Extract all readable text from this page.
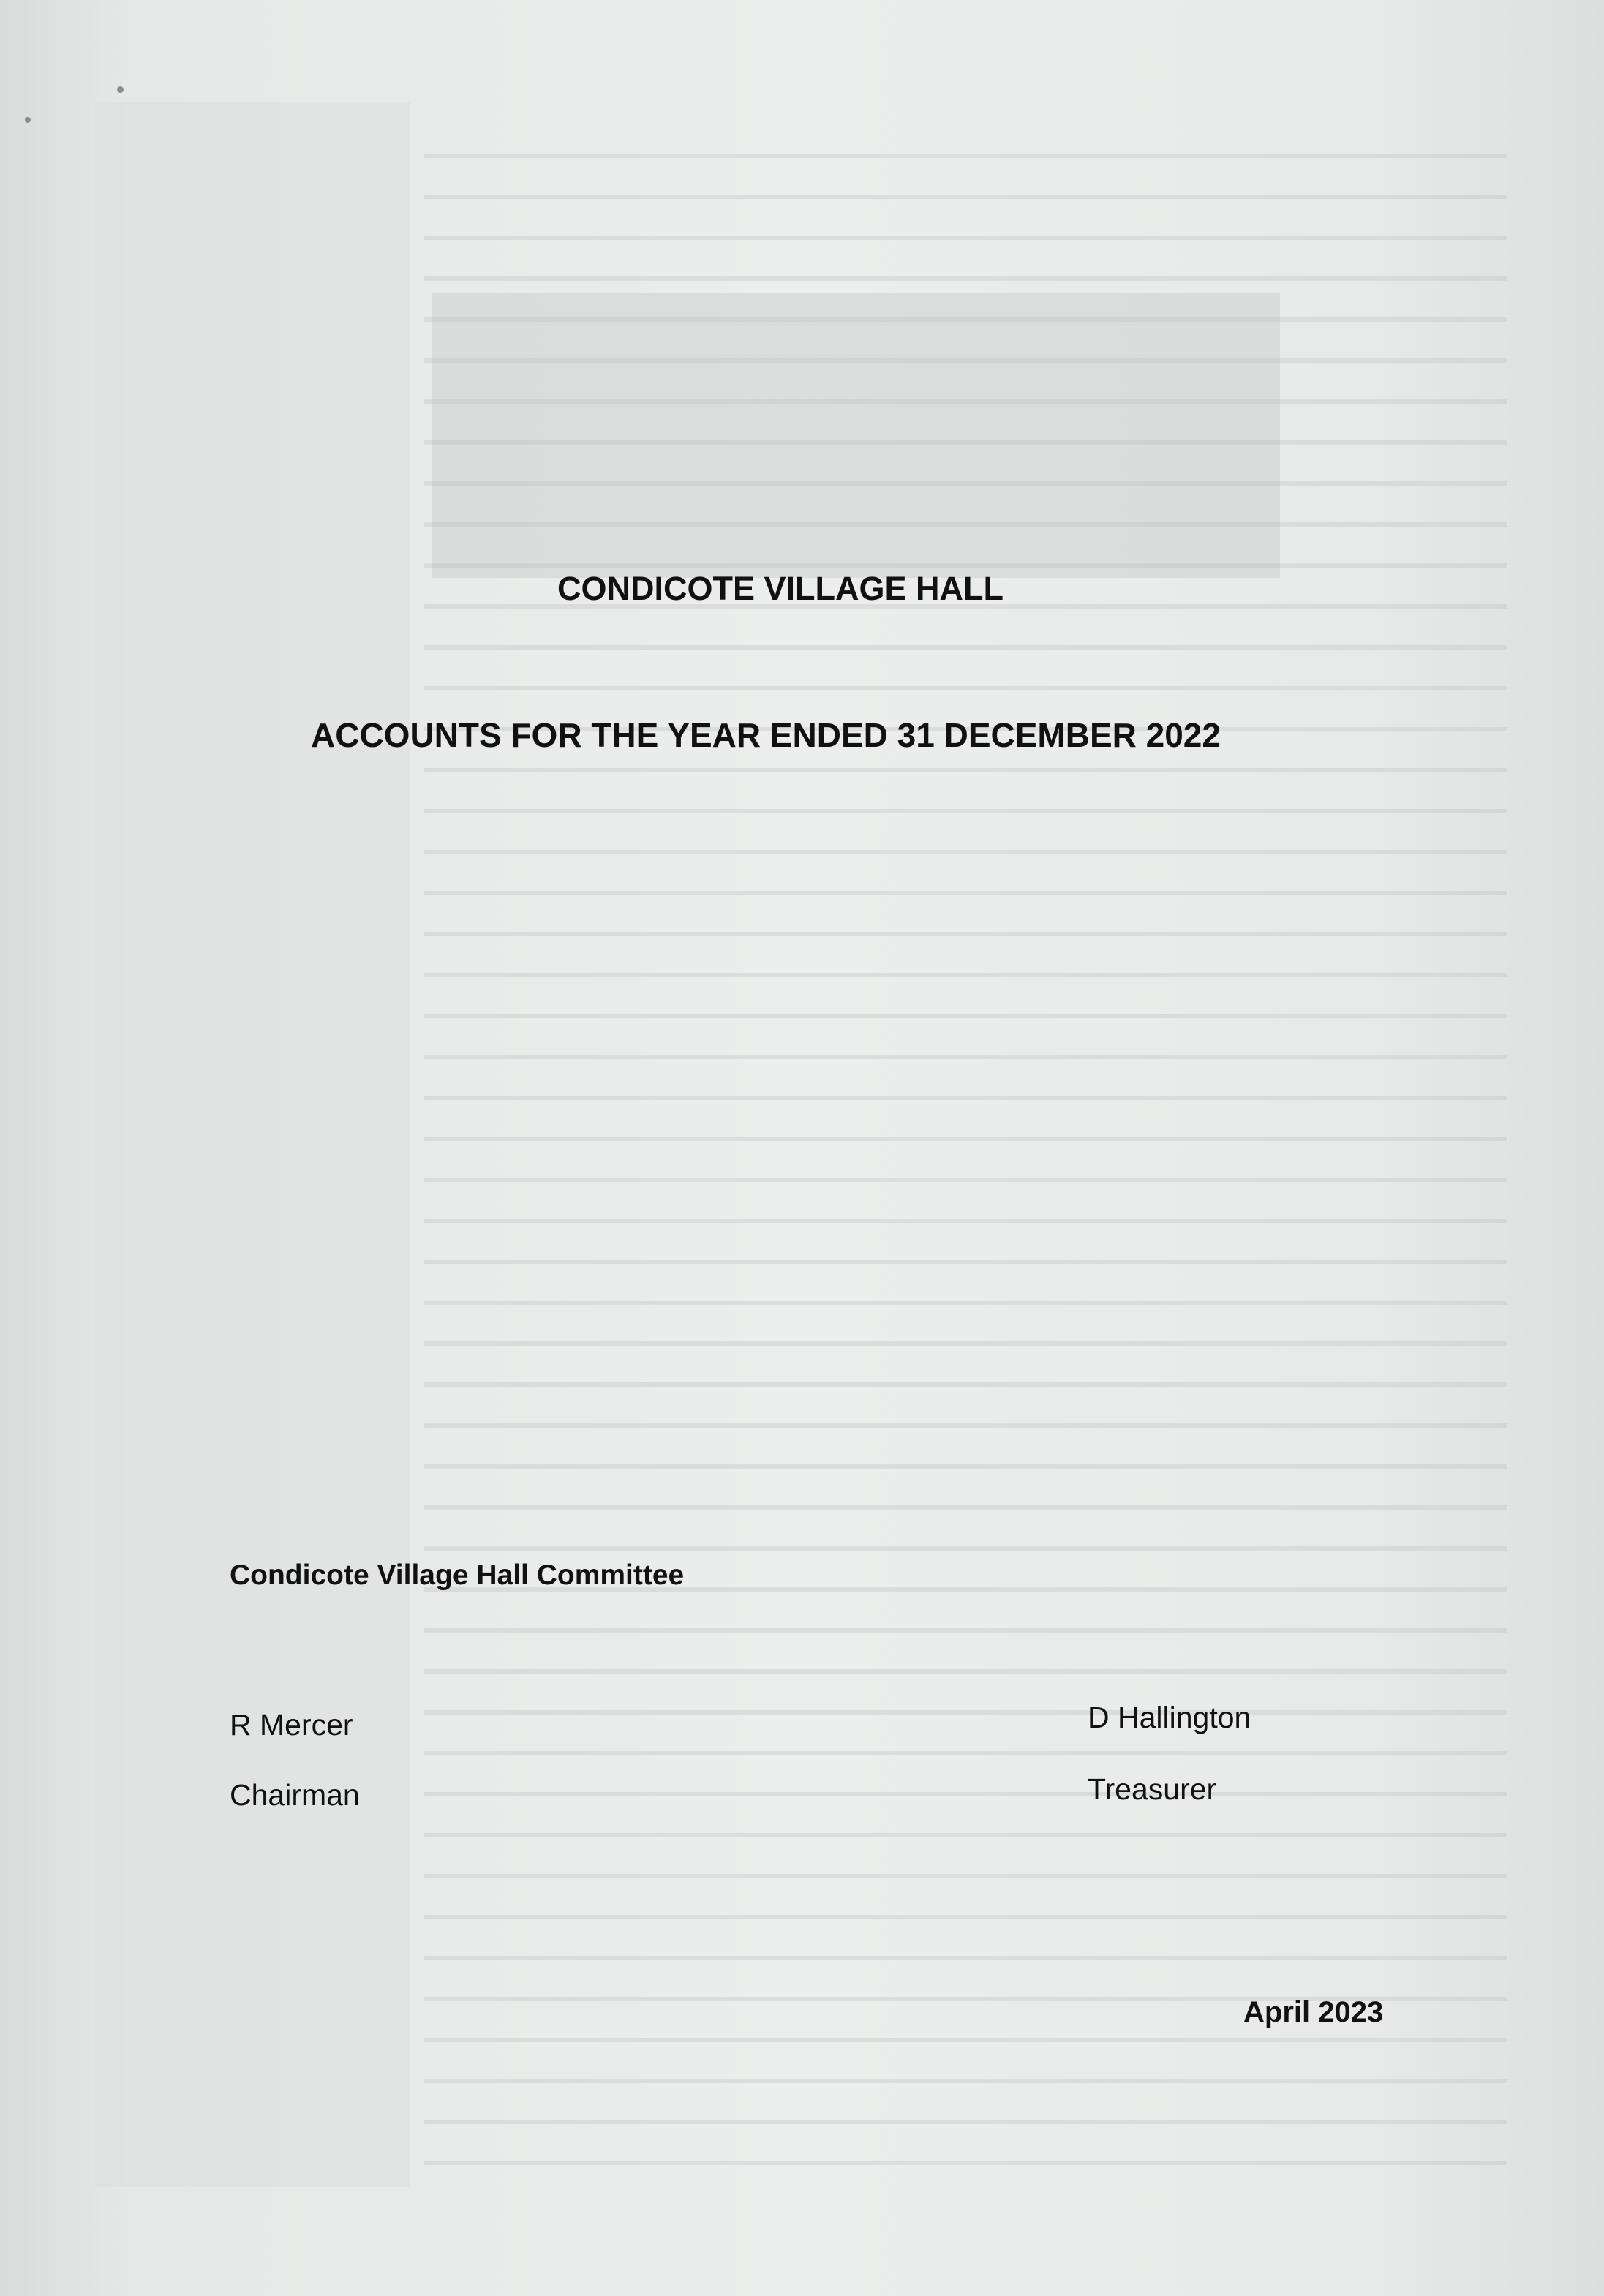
CONDICOTE VILLAGE HALL
ACCOUNTS FOR THE YEAR ENDED 31 DECEMBER 2022
Condicote Village Hall Committee
R Mercer
Chairman
D Hallington
Treasurer
April 2023
